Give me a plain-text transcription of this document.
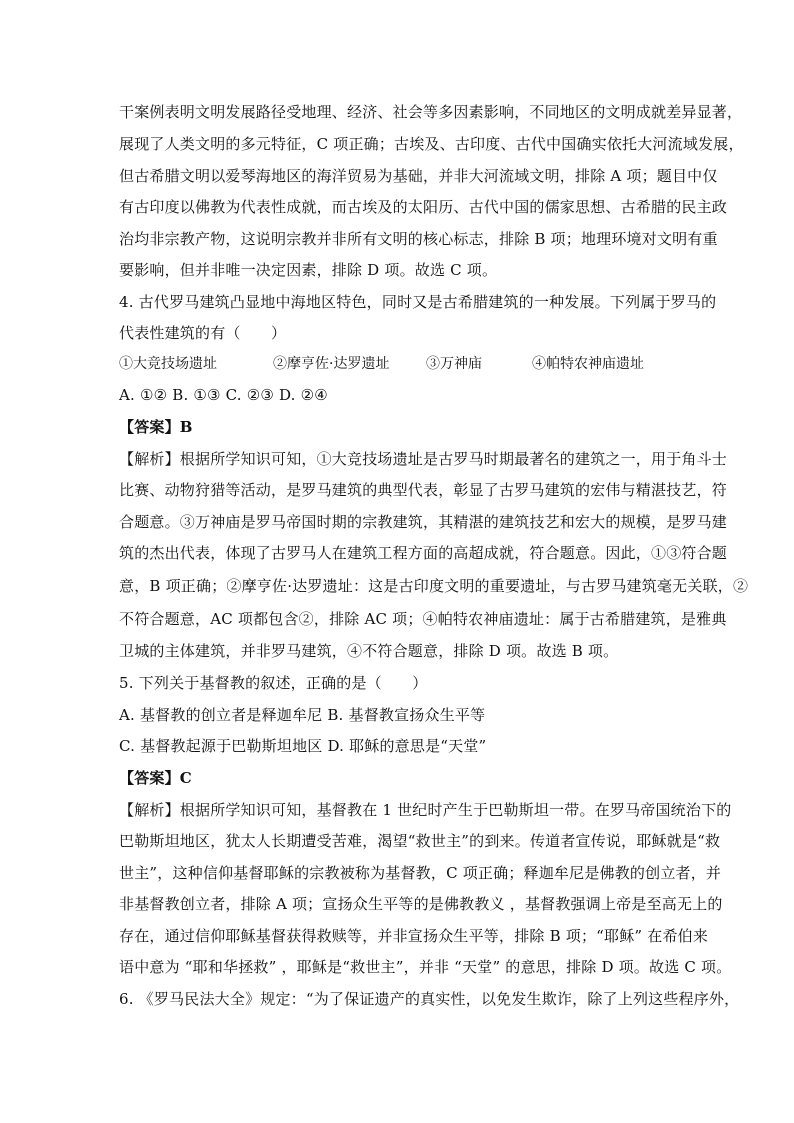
干案例表明文明发展路径受地理、经济、社会等多因素影响，不同地区的文明成就差异显著，
展现了人类文明的多元特征，C 项正确；古埃及、古印度、古代中国确实依托大河流域发展，
但古希腊文明以爱琴海地区的海洋贸易为基础，并非大河流域文明，排除 A 项；题目中仅
有古印度以佛教为代表性成就，而古埃及的太阳历、古代中国的儒家思想、古希腊的民主政
治均非宗教产物，这说明宗教并非所有文明的核心标志，排除 B 项；地理环境对文明有重
要影响，但并非唯一决定因素，排除 D 项。故选 C 项。
4. 古代罗马建筑凸显地中海地区特色，同时又是古希腊建筑的一种发展。下列属于罗马的
代表性建筑的有（　　）
①大竞技场遗址	②摩亨佐·达罗遗址	③万神庙	④帕特农神庙遗址
A. ①② B. ①③ C. ②③ D. ②④
【答案】B
【解析】根据所学知识可知，①大竞技场遗址是古罗马时期最著名的建筑之一，用于角斗士
比赛、动物狩猎等活动，是罗马建筑的典型代表，彰显了古罗马建筑的宏伟与精湛技艺，符
合题意。③万神庙是罗马帝国时期的宗教建筑，其精湛的建筑技艺和宏大的规模，是罗马建
筑的杰出代表，体现了古罗马人在建筑工程方面的高超成就，符合题意。因此，①③符合题
意，B 项正确；②摩亨佐·达罗遗址：这是古印度文明的重要遗址，与古罗马建筑毫无关联，②
不符合题意，AC 项都包含②，排除 AC 项；④帕特农神庙遗址：属于古希腊建筑，是雅典
卫城的主体建筑，并非罗马建筑，④不符合题意，排除 D 项。故选 B 项。
5. 下列关于基督教的叙述，正确的是（　　）
A. 基督教的创立者是释迦牟尼 B. 基督教宣扬众生平等
C. 基督教起源于巴勒斯坦地区 D. 耶稣的意思是“天堂”
【答案】C
【解析】根据所学知识可知，基督教在 1 世纪时产生于巴勒斯坦一带。在罗马帝国统治下的
巴勒斯坦地区，犹太人长期遭受苦难，渴望“救世主”的到来。传道者宣传说，耶稣就是“救
世主”，这种信仰基督耶稣的宗教被称为基督教，C 项正确；释迦牟尼是佛教的创立者，并
非基督教创立者，排除 A 项；宣扬众生平等的是佛教教义 ，基督教强调上帝是至高无上的
存在，通过信仰耶稣基督获得救赎等，并非宣扬众生平等，排除 B 项；“耶稣” 在希伯来
语中意为 “耶和华拯救” ，耶稣是“救世主”，并非 “天堂” 的意思，排除 D 项。故选 C 项。
6. 《罗马民法大全》规定：“为了保证遗产的真实性，以免发生欺诈，除了上列这些程序外，
